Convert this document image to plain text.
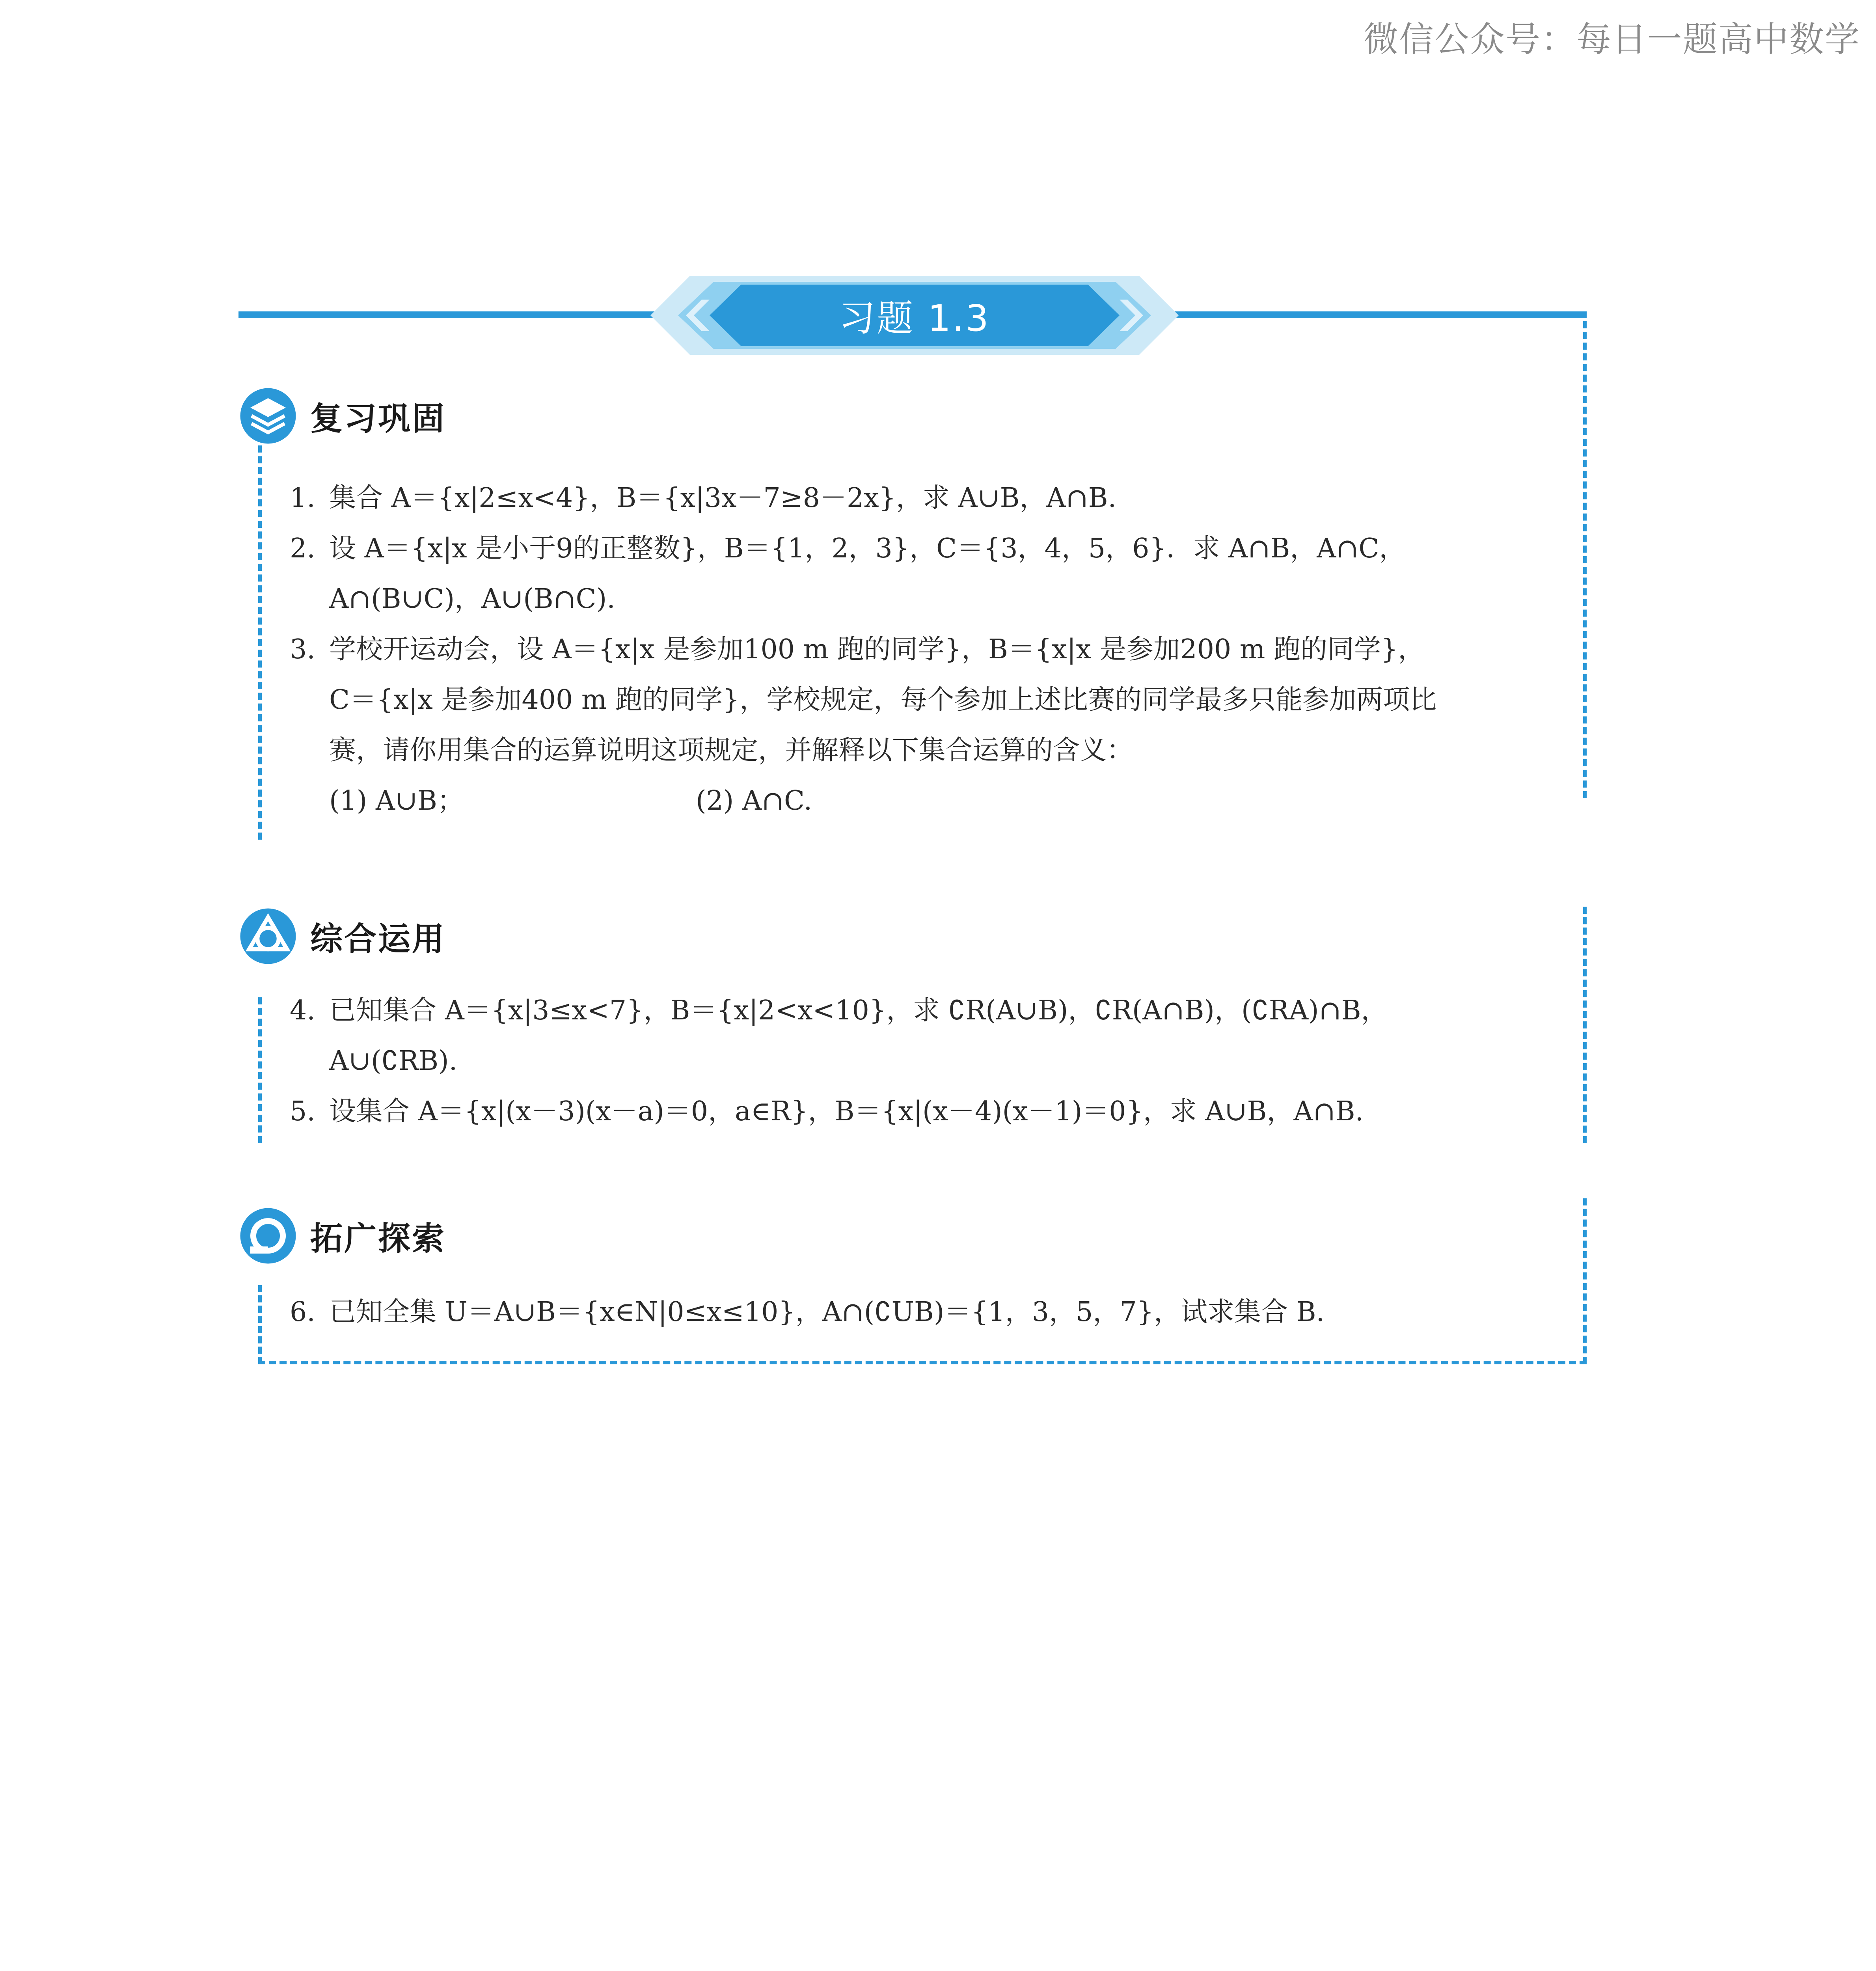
微信公众号：每日一题高中数学
习题 1.3
复习巩固
1. 集合 A＝{x|2≤x<4}，B＝{x|3x－7≥8－2x}，求 A∪B，A∩B.
2. 设 A＝{x|x 是小于9的正整数}，B＝{1，2，3}，C＝{3，4，5，6}．求 A∩B，A∩C，
A∩(B∪C)，A∪(B∩C).
3. 学校开运动会，设 A＝{x|x 是参加100 m 跑的同学}，B＝{x|x 是参加200 m 跑的同学}，
C＝{x|x 是参加400 m 跑的同学}，学校规定，每个参加上述比赛的同学最多只能参加两项比
赛，请你用集合的运算说明这项规定，并解释以下集合运算的含义：
(1) A∪B；	(2) A∩C.
综合运用
4. 已知集合 A＝{x|3≤x<7}，B＝{x|2<x<10}，求 ∁R(A∪B)，∁R(A∩B)，(∁RA)∩B，
A∪(∁RB).
5. 设集合 A＝{x|(x－3)(x－a)＝0，a∈R}，B＝{x|(x－4)(x－1)＝0}，求 A∪B，A∩B.
拓广探索
6. 已知全集 U＝A∪B＝{x∈N|0≤x≤10}，A∩(∁UB)＝{1，3，5，7}，试求集合 B.
